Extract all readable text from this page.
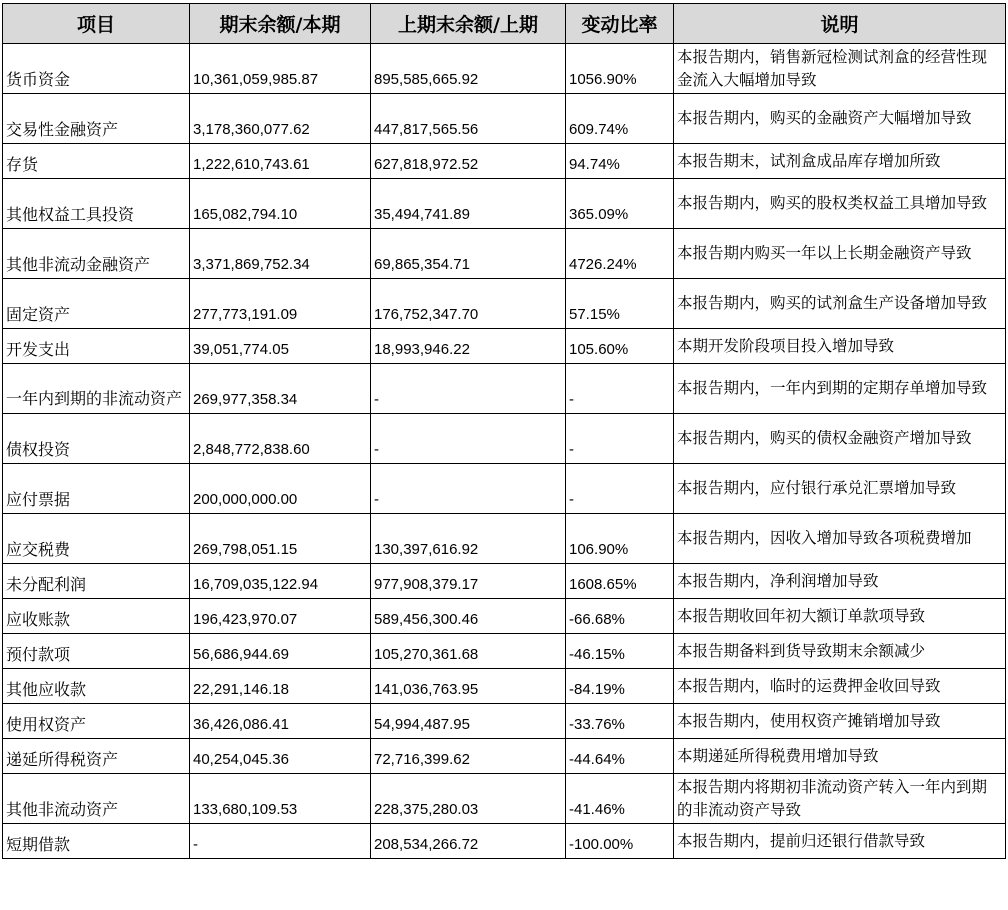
项目	期末余额/本期	上期末余额/上期	变动比率	说明
货币资金	10,361,059,985.87	895,585,665.92	1056.90%	本报告期内，销售新冠检测试剂盒的经营性现金流入大幅增加导致
交易性金融资产	3,178,360,077.62	447,817,565.56	609.74%	本报告期内，购买的金融资产大幅增加导致
存货	1,222,610,743.61	627,818,972.52	94.74%	本报告期末，试剂盒成品库存增加所致
其他权益工具投资	165,082,794.10	35,494,741.89	365.09%	本报告期内，购买的股权类权益工具增加导致
其他非流动金融资产	3,371,869,752.34	69,865,354.71	4726.24%	本报告期内购买一年以上长期金融资产导致
固定资产	277,773,191.09	176,752,347.70	57.15%	本报告期内，购买的试剂盒生产设备增加导致
开发支出	39,051,774.05	18,993,946.22	105.60%	本期开发阶段项目投入增加导致
一年内到期的非流动资产	269,977,358.34	-	-	本报告期内，一年内到期的定期存单增加导致
债权投资	2,848,772,838.60	-	-	本报告期内，购买的债权金融资产增加导致
应付票据	200,000,000.00	-	-	本报告期内，应付银行承兑汇票增加导致
应交税费	269,798,051.15	130,397,616.92	106.90%	本报告期内，因收入增加导致各项税费增加
未分配利润	16,709,035,122.94	977,908,379.17	1608.65%	本报告期内，净利润增加导致
应收账款	196,423,970.07	589,456,300.46	-66.68%	本报告期收回年初大额订单款项导致
预付款项	56,686,944.69	105,270,361.68	-46.15%	本报告期备料到货导致期末余额减少
其他应收款	22,291,146.18	141,036,763.95	-84.19%	本报告期内，临时的运费押金收回导致
使用权资产	36,426,086.41	54,994,487.95	-33.76%	本报告期内，使用权资产摊销增加导致
递延所得税资产	40,254,045.36	72,716,399.62	-44.64%	本期递延所得税费用增加导致
其他非流动资产	133,680,109.53	228,375,280.03	-41.46%	本报告期内将期初非流动资产转入一年内到期的非流动资产导致
短期借款	-	208,534,266.72	-100.00%	本报告期内，提前归还银行借款导致
